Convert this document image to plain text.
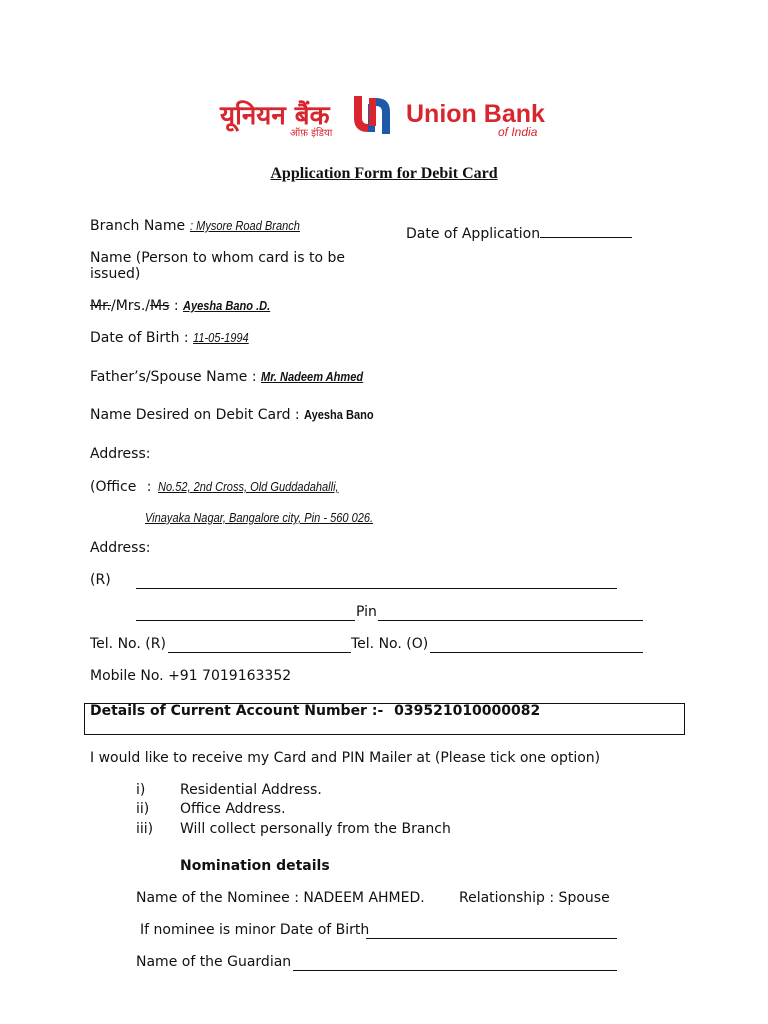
यूनियन बैंक
ऑफ़ इंडिया
Union Bank
of India
Application Form for Debit Card
Branch Name : Mysore Road Branch
Date of Application
Name (Person to whom card is to be
issued)
Mr./Mrs./Ms : Ayesha Bano .D.
Date of Birth : 11-05-1994
Father’s/Spouse Name : Mr. Nadeem Ahmed
Name Desired on Debit Card : Ayesha Bano
Address:
(Office : No.52, 2nd Cross, Old Guddadahalli,
Vinayaka Nagar, Bangalore city, Pin - 560 026.
Address:
(R)
Pin
Tel. No. (R)	Tel. No. (O)
Mobile No. +91 7019163352
Details of Current Account Number :- 039521010000082
I would like to receive my Card and PIN Mailer at (Please tick one option)
i) Residential Address.
ii) Office Address.
iii) Will collect personally from the Branch
Nomination details
Name of the Nominee : NADEEM AHMED. Relationship : Spouse
If nominee is minor Date of Birth
Name of the Guardian
